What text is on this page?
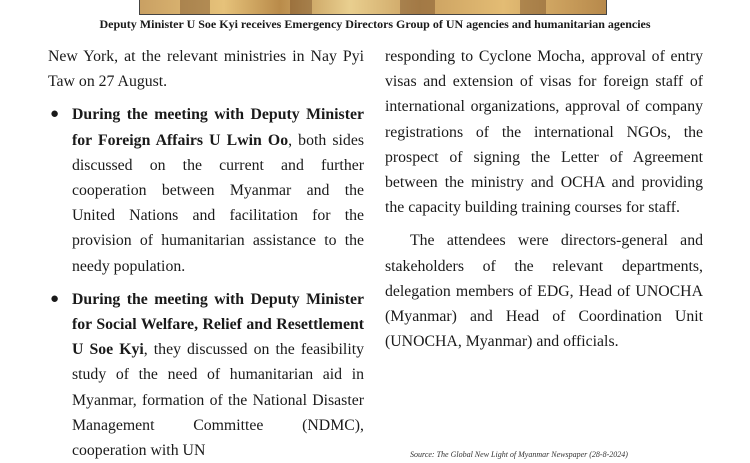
Deputy Minister U Soe Kyi receives Emergency Directors Group of UN agencies and humanitarian agencies

New York, at the relevant ministries in Nay Pyi Taw on 27 August.

● During the meeting with Deputy Minister for Foreign Affairs U Lwin Oo, both sides discussed on the current and further cooperation between Myanmar and the United Nations and facilitation for the provision of humanitarian assistance to the needy population.
● During the meeting with Deputy Minister for Social Welfare, Relief and Resettlement U Soe Kyi, they discussed on the feasibility study of the need of humanitarian aid in Myanmar, formation of the National Disaster Management Committee (NDMC), cooperation with UN

responding to Cyclone Mocha, approval of entry visas and extension of visas for foreign staff of international organizations, approval of company registrations of the international NGOs, the prospect of signing the Letter of Agreement between the ministry and OCHA and providing the capacity building training courses for staff.

The attendees were directors-general and stakeholders of the relevant departments, delegation members of EDG, Head of UNOCHA (Myanmar) and Head of Coordination Unit (UNOCHA, Myanmar) and officials.

Source: The Global New Light of Myanmar Newspaper (28-8-2024)
